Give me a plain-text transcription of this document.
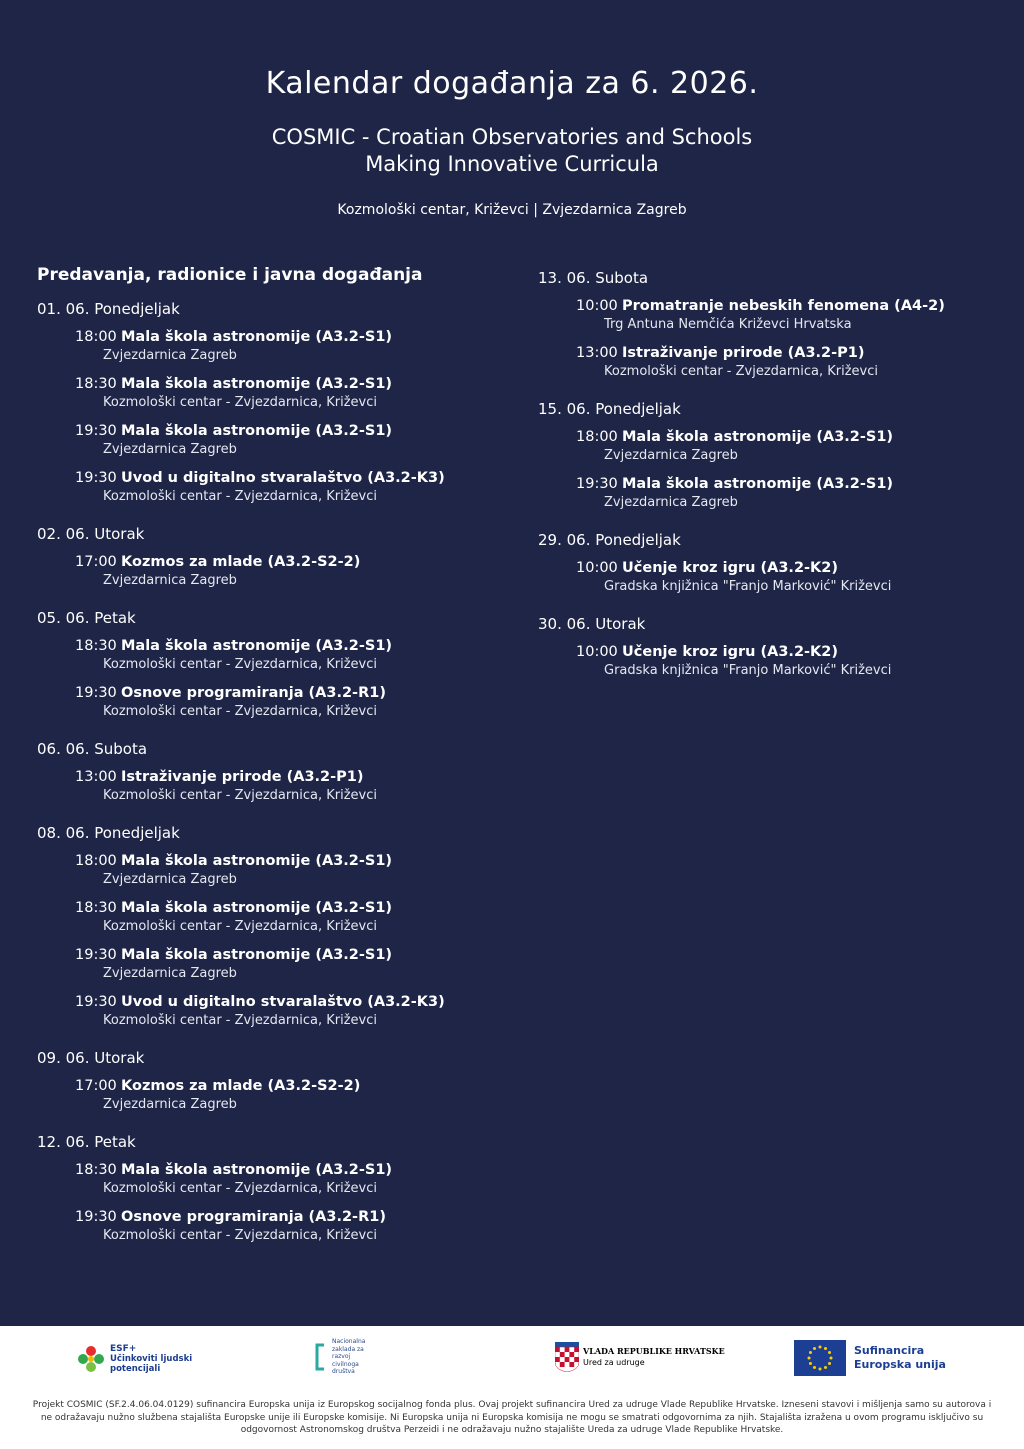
Kalendar događanja za 6. 2026.
COSMIC - Croatian Observatories and Schools
Making Innovative Curricula
Kozmološki centar, Križevci | Zvjezdarnica Zagreb
Predavanja, radionice i javna događanja
01. 06. Ponedjeljak
18:00 Mala škola astronomije (A3.2-S1)
Zvjezdarnica Zagreb
18:30 Mala škola astronomije (A3.2-S1)
Kozmološki centar - Zvjezdarnica, Križevci
19:30 Mala škola astronomije (A3.2-S1)
Zvjezdarnica Zagreb
19:30 Uvod u digitalno stvaralaštvo (A3.2-K3)
Kozmološki centar - Zvjezdarnica, Križevci
02. 06. Utorak
17:00 Kozmos za mlade (A3.2-S2-2)
Zvjezdarnica Zagreb
05. 06. Petak
18:30 Mala škola astronomije (A3.2-S1)
Kozmološki centar - Zvjezdarnica, Križevci
19:30 Osnove programiranja (A3.2-R1)
Kozmološki centar - Zvjezdarnica, Križevci
06. 06. Subota
13:00 Istraživanje prirode (A3.2-P1)
Kozmološki centar - Zvjezdarnica, Križevci
08. 06. Ponedjeljak
18:00 Mala škola astronomije (A3.2-S1)
Zvjezdarnica Zagreb
18:30 Mala škola astronomije (A3.2-S1)
Kozmološki centar - Zvjezdarnica, Križevci
19:30 Mala škola astronomije (A3.2-S1)
Zvjezdarnica Zagreb
19:30 Uvod u digitalno stvaralaštvo (A3.2-K3)
Kozmološki centar - Zvjezdarnica, Križevci
09. 06. Utorak
17:00 Kozmos za mlade (A3.2-S2-2)
Zvjezdarnica Zagreb
12. 06. Petak
18:30 Mala škola astronomije (A3.2-S1)
Kozmološki centar - Zvjezdarnica, Križevci
19:30 Osnove programiranja (A3.2-R1)
Kozmološki centar - Zvjezdarnica, Križevci
13. 06. Subota
10:00 Promatranje nebeskih fenomena (A4-2)
Trg Antuna Nemčića Križevci Hrvatska
13:00 Istraživanje prirode (A3.2-P1)
Kozmološki centar - Zvjezdarnica, Križevci
15. 06. Ponedjeljak
18:00 Mala škola astronomije (A3.2-S1)
Zvjezdarnica Zagreb
19:30 Mala škola astronomije (A3.2-S1)
Zvjezdarnica Zagreb
29. 06. Ponedjeljak
10:00 Učenje kroz igru (A3.2-K2)
Gradska knjižnica "Franjo Marković" Križevci
30. 06. Utorak
10:00 Učenje kroz igru (A3.2-K2)
Gradska knjižnica "Franjo Marković" Križevci
ESF+
Učinkoviti ljudski
potencijali
Nacionalna
zaklada za
razvoj
civilnoga
društva
VLADA REPUBLIKE HRVATSKE
Ured za udruge
Sufinancira
Europska unija
Projekt COSMIC (SF.2.4.06.04.0129) sufinancira Europska unija iz Europskog socijalnog fonda plus. Ovaj projekt sufinancira Ured za udruge Vlade Republike Hrvatske. Izneseni stavovi i mišljenja samo su autorova i ne odražavaju nužno službena stajališta Europske unije ili Europske komisije. Ni Europska unija ni Europska komisija ne mogu se smatrati odgovornima za njih. Stajališta izražena u ovom programu isključivo su odgovornost Astronomskog društva Perzeidi i ne odražavaju nužno stajalište Ureda za udruge Vlade Republike Hrvatske.
